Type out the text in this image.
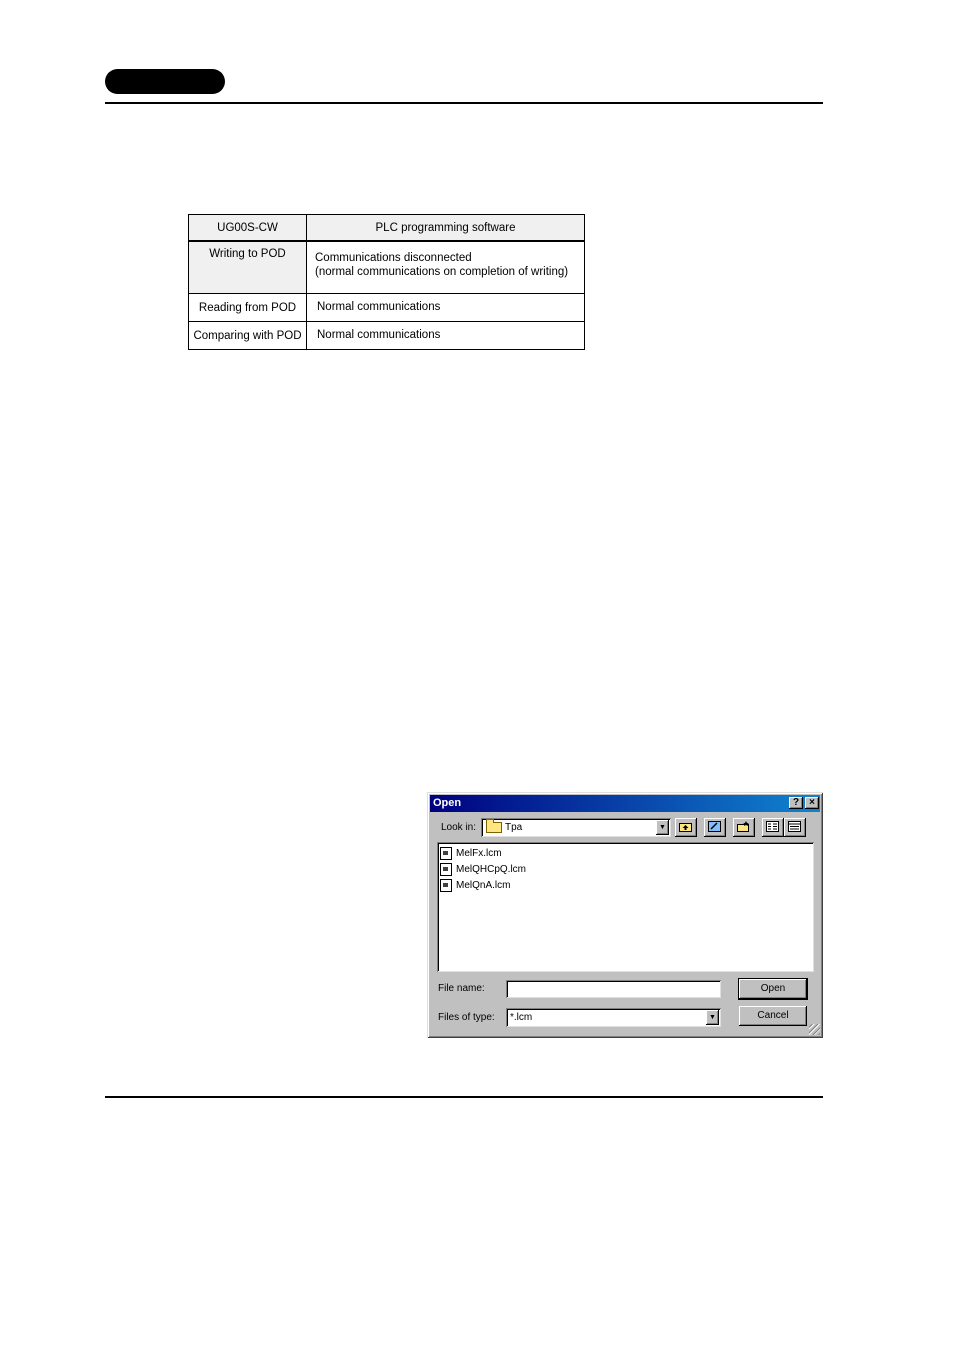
UG00S-CW	PLC programming software
Writing to POD	Communications disconnected
(normal communications on completion of writing)

Reading from POD	Normal communications
Comparing with POD	Normal communications
Open	?	×
Look in:	Tpa	▼
MelFx.lcm
MelQHCpQ.lcm
MelQnA.lcm
File name:
Files of type: *.lcm	▼
Open
Cancel
